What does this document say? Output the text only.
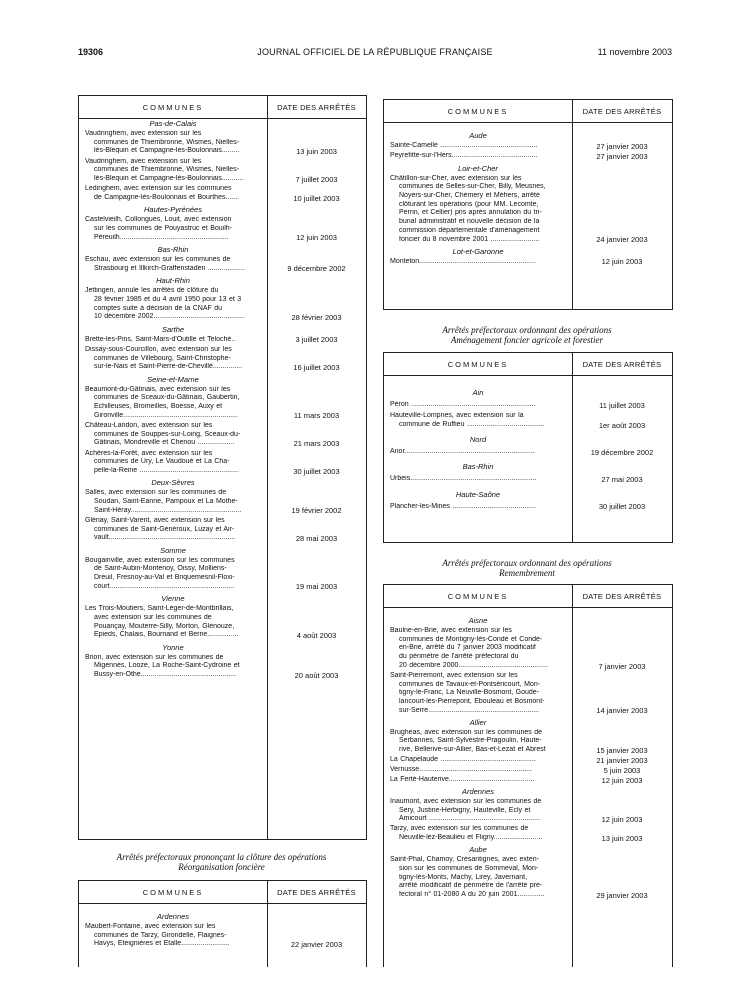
19306	JOURNAL OFFICIEL DE LA RÉPUBLIQUE FRANÇAISE	11 novembre 2003
COMMUNES	DATE DES ARRÊTÉS
Pas-de-Calais
Vaudringhem, avec extension sur les
communes de Thiembronne, Wismes, Nielles-
lès-Blequin et Campagne-les-Boulonnais.........	13 juin 2003
Vaudringhem, avec extension sur les
communes de Thiembronne, Wismes, Nielles-
lès-Blequin et Campagne-lès-Boulonnais...........	7 juillet 2003
Ledinghem, avec extension sur les communes
de Campagne-lès-Boulonnais et Bourthes.......	10 juillet 2003
Hautes-Pyrénées
Castelvieilh, Collongues, Louit, avec extension
sur les communes de Pouyastruc et Bouilh-
Péreuilh........................................................	12 juin 2003
Bas-Rhin
Eschau, avec extension sur les communes de
Strasbourg et Illkirch-Graffenstaden ...................	9 décembre 2002
Haut-Rhin
Jettingen, annule les arrêtés de clôture du
28 février 1985 et du 4 avril 1950 pour 13 et 3
comptes suite à décision de la CNAF du
10 décembre 2002...............................................	28 février 2003
Sarthe
Brette-les-Pins, Saint-Mars-d'Outille et Teloché..	3 juillet 2003
Dissay-sous-Courcillon, avec extension sur les
communes de Villebourg, Saint-Christophe-
sur-le-Nais et Saint-Pierre-de-Chevillé...............	16 juillet 2003
Seine-et-Marne
Beaumont-du-Gâtinais, avec extension sur les
communes de Sceaux-du-Gâtinais, Gaubertin,
Échilleuses, Bromeilles, Boesse, Auxy et
Gironville...........................................................	11 mars 2003
Château-Landon, avec extension sur les
communes de Souppes-sur-Loing, Sceaux-du-
Gâtinais, Mondreville et Chenou ...................	21 mars 2003
Achères-la-Forêt, avec extension sur les
communes de Ury, Le Vaudoué et La Cha-
pelle-la-Reine ...................................................	30 juillet 2003
Deux-Sèvres
Salles, avec extension sur les communes de
Soudan, Saint-Eanne, Pampoux et La Mothe-
Saint-Héray.........................................................	19 février 2002
Glénay, Saint-Varent, avec extension sur les
communes de Saint-Généroux, Luzay et Air-
vault.................................................................	28 mai 2003
Somme
Bougainville, avec extension sur les communes
de Saint-Aubin-Montenoy, Oissy, Molliens-
Dreuil, Fresnoy-au-Val et Briquemesnil-Floxi-
court................................................................	19 mai 2003
Vienne
Les Trois-Moutiers, Saint-Léger-de-Montbrillais,
avec extension sur les communes de
Pouançay, Mouterre-Silly, Morton, Glénouze,
Epieds, Chalais, Bournand et Berrie................	4 août 2003
Yonne
Brion, avec extension sur les communes de
Migennes, Looze, La Roche-Saint-Cydroine et
Bussy-en-Othe.................................................	20 août 2003
Arrêtés préfectoraux prononçant la clôture des opérations
Réorganisation foncière
COMMUNES	DATE DES ARRÊTÉS
Ardennes
Maubert-Fontaine, avec extension sur les
communes de Tarzy, Girondelle, Flaignes-
Havys, Eteignières et Étalle.........................	22 janvier 2003
COMMUNES	DATE DES ARRÊTÉS
Aude
Sainte-Camelle ..................................................	27 janvier 2003
Peyrefitte-sur-l'Hers............................................	27 janvier 2003
Loir-et-Cher
Châtillon-sur-Cher, avec extension sur les
communes de Selles-sur-Cher, Billy, Meusnes,
Noyers-sur-Cher, Chémery et Méhers, arrêté
clôturant les opérations (pour MM. Lecomte,
Perrin, et Cellier) pris après annulation du tri-
bunal administratif et nouvelle décision de la
commission départementale d'aménagement
foncier du 8 novembre 2001 .........................	24 janvier 2003
Lot-et-Garonne
Monteton............................................................	12 juin 2003
Arrêtés préfectoraux ordonnant des opérations
Aménagement foncier agricole et forestier
COMMUNES	DATE DES ARRÊTÉS
Ain
Péron ................................................................	11 juillet 2003
Hauteville-Lompnes, avec extension sur la
commune de Ruffieu ........................................	1er août 2003
Nord
Anor...................................................................	19 décembre 2002
Bas-Rhin
Urbeis.................................................................	27 mai 2003
Haute-Saône
Plancher-les-Mines ...........................................	30 juillet 2003
Arrêtés préfectoraux ordonnant des opérations
Remembrement
COMMUNES	DATE DES ARRÊTÉS
Aisne
Baulne-en-Brie, avec extension sur les
communes de Montigny-lès-Condé et Condé-
en-Brie, arrêté du 7 janvier 2003 modificatif
du périmètre de l'arrêté préfectoral du
20 décembre 2000..............................................	7 janvier 2003
Saint-Pierremont, avec extension sur les
communes de Tavaux-et-Pontséricourt, Mon-
tigny-le-Franc, La Neuville-Bosmont, Goude-
lancourt-lès-Pierrepont, Ebouleau et Bosmont-
sur-Serre.........................................................	14 janvier 2003
Allier
Brugheas, avec extension sur les communes de
Serbannes, Saint-Sylvestre-Pragoulin, Haute-
rive, Bellerive-sur-Allier, Bas-et-Lezat et Abrest	15 janvier 2003
La Chapelaude .................................................	21 janvier 2003
Vernusse..........................................................	5 juin 2003
La Ferté-Hauterive............................................	12 juin 2003
Ardennes
Inaumont, avec extension sur les communes de
Sery, Justine-Herbigny, Hauteville, Ecly et
Amicourt .........................................................	12 juin 2003
Tarzy, avec extension sur les communes de
Neuville-lèz-Beaulieu et Fligny.........................	13 juin 2003
Aube
Saint-Phal, Chamoy, Crésantignes, avec exten-
sion sur les communes de Sommeval, Mon-
tigny-lès-Monts, Machy, Lirey, Javernant,
arrêté modificatif de périmètre de l'arrêté pré-
fectoral n° 01-2080 A du 20 juin 2001..............	29 janvier 2003
